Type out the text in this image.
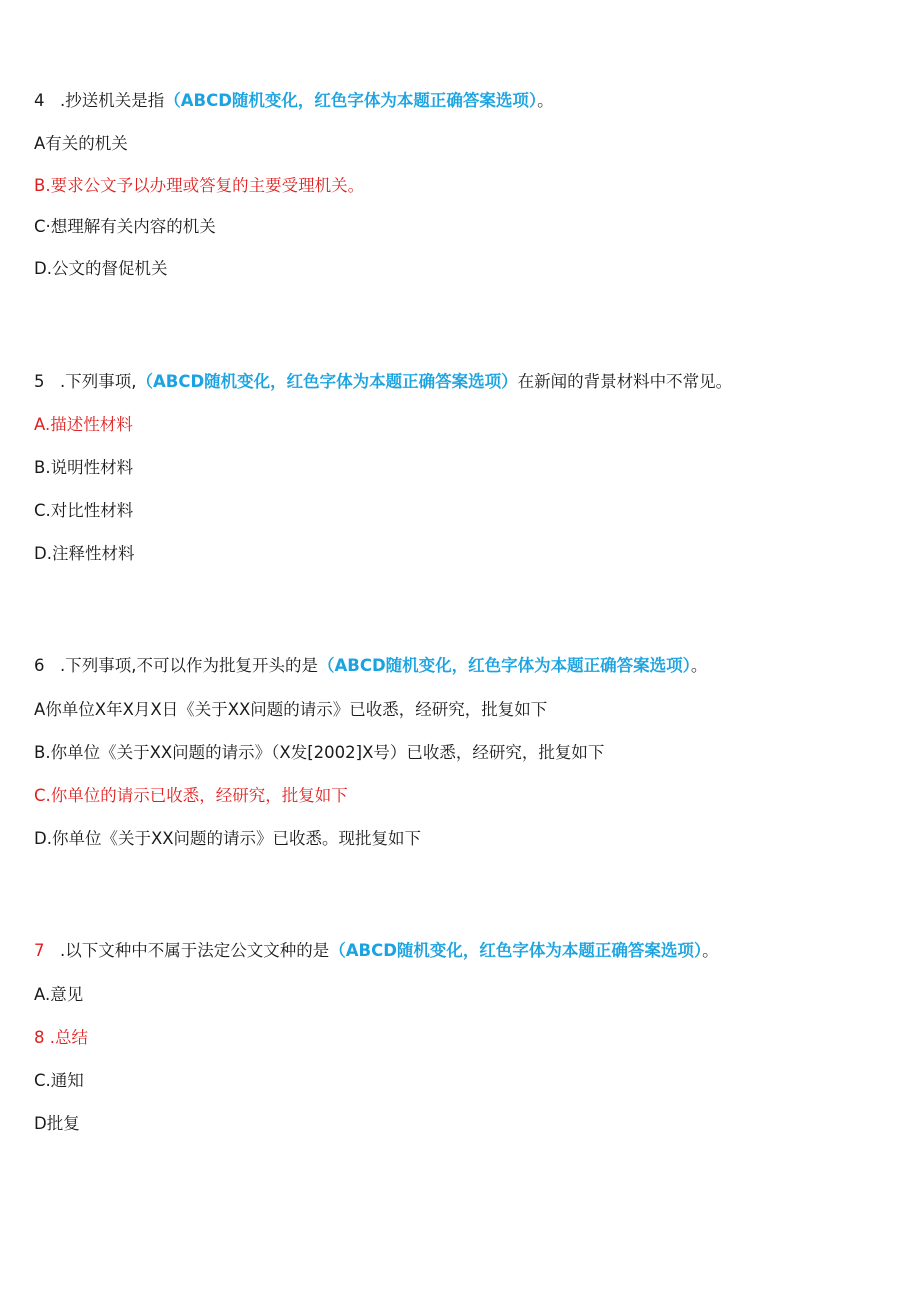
4 .抄送机关是指（ABCD随机变化，红色字体为本题正确答案选项）。
A有关的机关
B.要求公文予以办理或答复的主要受理机关。
C·想理解有关内容的机关
D.公文的督促机关
5 .下列事项,（ABCD随机变化，红色字体为本题正确答案选项）在新闻的背景材料中不常见。
A.描述性材料
B.说明性材料
C.对比性材料
D.注释性材料
6 .下列事项,不可以作为批复开头的是（ABCD随机变化，红色字体为本题正确答案选项）。
A你单位X年X月X日《关于XX问题的请示》已收悉，经研究，批复如下
B.你单位《关于XX问题的请示》（X发[2002]X号）已收悉，经研究，批复如下
C.你单位的请示已收悉，经研究，批复如下
D.你单位《关于XX问题的请示》已收悉。现批复如下
7 .以下文种中不属于法定公文文种的是（ABCD随机变化，红色字体为本题正确答案选项）。
A.意见
8 .总结
C.通知
D批复
